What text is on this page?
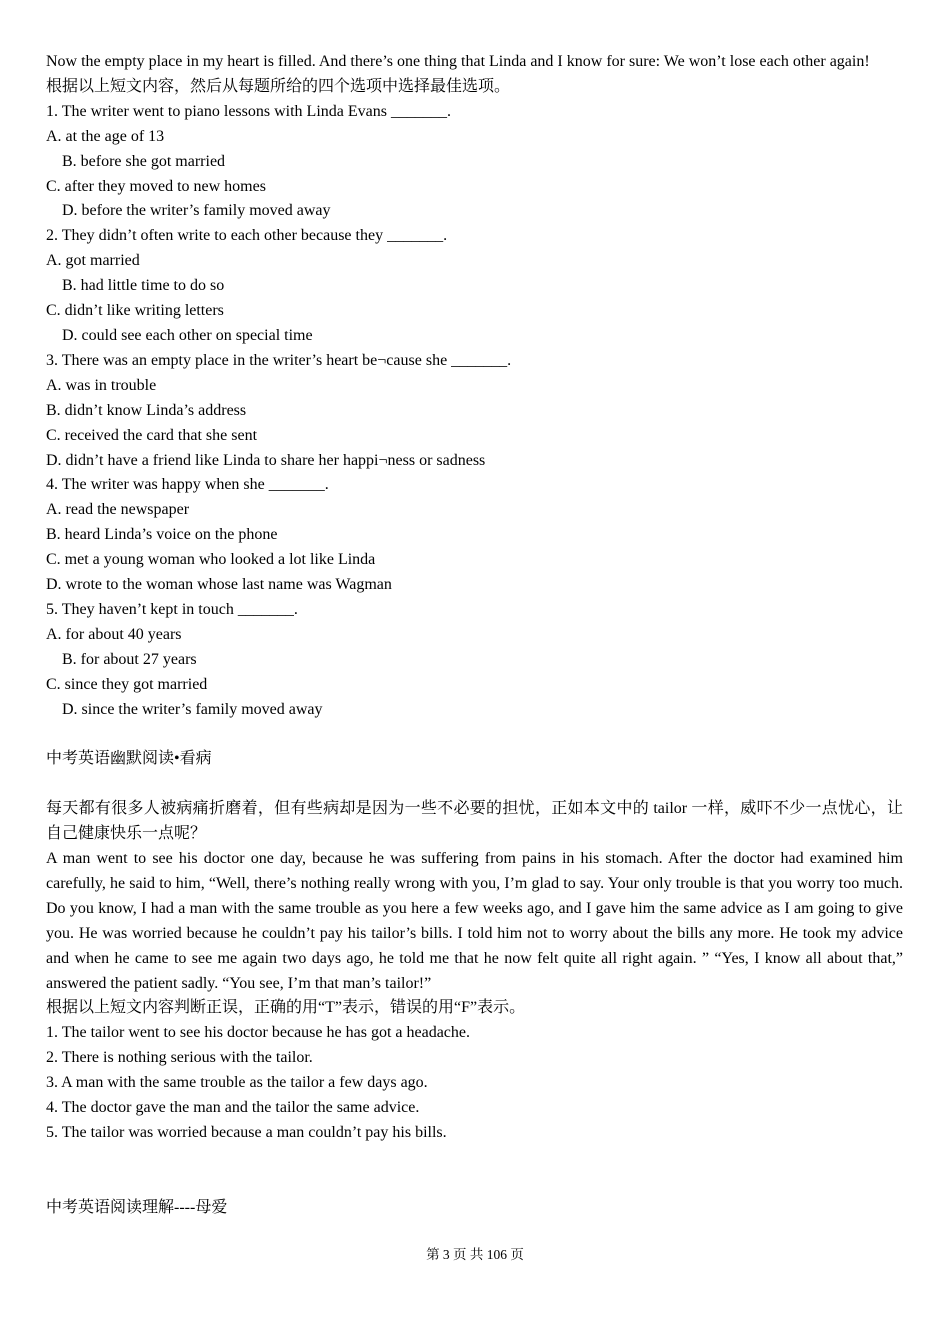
Now the empty place in my heart is filled. And there’s one thing that Linda and I know for sure: We won’t lose each other again!
根据以上短文内容，然后从每题所给的四个选项中选择最佳选项。
1. The writer went to piano lessons with Linda Evans _______.
A. at the age of 13
B. before she got married
C. after they moved to new homes
D. before the writer’s family moved away
2. They didn’t often write to each other because they _______.
A. got married
B. had little time to do so
C. didn’t like writing letters
D. could see each other on special time
3. There was an empty place in the writer’s heart be¬cause she _______.
A. was in trouble
B. didn’t know Linda’s address
C. received the card that she sent
D. didn’t have a friend like Linda to share her happi¬ness or sadness
4. The writer was happy when she _______.
A. read the newspaper
B. heard Linda’s voice on the phone
C. met a young woman who looked a lot like Linda
D. wrote to the woman whose last name was Wagman
5. They haven’t kept in touch _______.
A. for about 40 years
B. for about 27 years
C. since they got married
D. since the writer’s family moved away
中考英语幽默阅读•看病
每天都有很多人被病痛折磨着，但有些病却是因为一些不必要的担忧，正如本文中的 tailor 一样，威吓不少一点忧心，让自己健康快乐一点呢？
A man went to see his doctor one day, because he was suffering from pains in his stomach. After the doctor had examined him carefully, he said to him, “Well, there’s nothing really wrong with you, I’m glad to say. Your only trouble is that you worry too much. Do you know, I had a man with the same trouble as you here a few weeks ago, and I gave him the same advice as I am going to give you. He was worried because he couldn’t pay his tailor’s bills. I told him not to worry about the bills any more. He took my advice and when he came to see me again two days ago, he told me that he now felt quite all right again. ” “Yes, I know all about that,” answered the patient sadly. “You see, I’m that man’s tailor!”
根据以上短文内容判断正误，正确的用“T”表示，错误的用“F”表示。
1. The tailor went to see his doctor because he has got a headache.
2. There is nothing serious with the tailor.
3. A man with the same trouble as the tailor a few days ago.
4. The doctor gave the man and the tailor the same advice.
5. The tailor was worried because a man couldn’t pay his bills.
中考英语阅读理解----母爱
第 3 页 共 106 页
